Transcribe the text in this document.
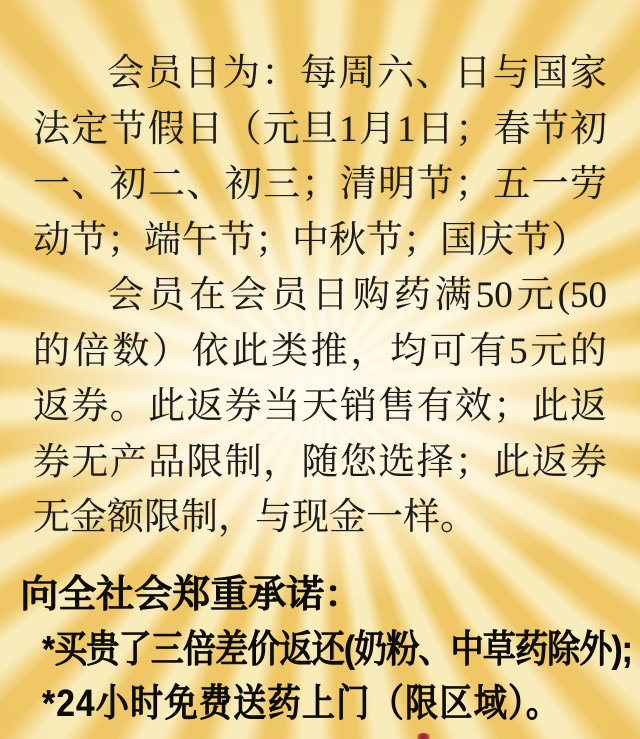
会员日为：每周六、日与国家
法定节假日（元旦1月1日；春节初
一、初二、初三；清明节；五一劳
动节；端午节；中秋节；国庆节）
会员在会员日购药满50元(50
的倍数）依此类推，均可有5元的
返券。此返券当天销售有效；此返
券无产品限制，随您选择；此返券
无金额限制，与现金一样。
向全社会郑重承诺：
*买贵了三倍差价返还(奶粉、中草药除外);
*24小时免费送药上门（限区域）。
